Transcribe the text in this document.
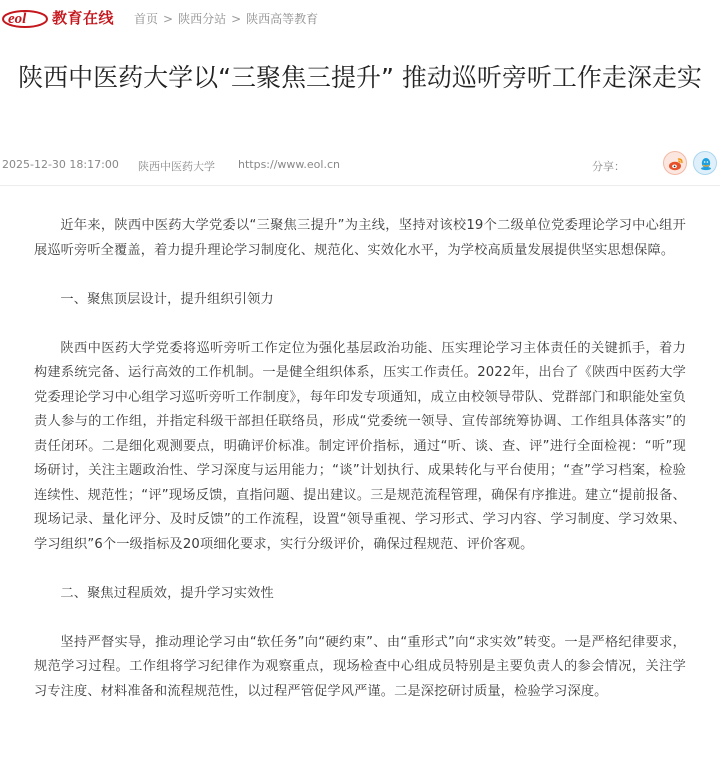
eol 教育在线 首页 > 陕西分站 > 陕西高等教育
陕西中医药大学以“三聚焦三提升” 推动巡听旁听工作走深走实
2025-12-30 18:17:00 陕西中医药大学 https://www.eol.cn	分享：

近年来，陕西中医药大学党委以“三聚焦三提升”为主线，坚持对该校19个二级单位党委理论学习中心组开展巡听旁听全覆盖，着力提升理论学习制度化、规范化、实效化水平，为学校高质量发展提供坚实思想保障。

一、聚焦顶层设计，提升组织引领力

陕西中医药大学党委将巡听旁听工作定位为强化基层政治功能、压实理论学习主体责任的关键抓手，着力构建系统完备、运行高效的工作机制。一是健全组织体系，压实工作责任。2022年，出台了《陕西中医药大学党委理论学习中心组学习巡听旁听工作制度》，每年印发专项通知，成立由校领导带队、党群部门和职能处室负责人参与的工作组，并指定科级干部担任联络员，形成“党委统一领导、宣传部统筹协调、工作组具体落实”的责任闭环。二是细化观测要点，明确评价标准。制定评价指标，通过“听、谈、查、评”进行全面检视：“听”现场研讨，关注主题政治性、学习深度与运用能力；“谈”计划执行、成果转化与平台使用；“查”学习档案，检验连续性、规范性；“评”现场反馈，直指问题、提出建议。三是规范流程管理，确保有序推进。建立“提前报备、现场记录、量化评分、及时反馈”的工作流程，设置“领导重视、学习形式、学习内容、学习制度、学习效果、学习组织”6个一级指标及20项细化要求，实行分级评价，确保过程规范、评价客观。

二、聚焦过程质效，提升学习实效性

坚持严督实导，推动理论学习由“软任务”向“硬约束”、由“重形式”向“求实效”转变。一是严格纪律要求，规范学习过程。工作组将学习纪律作为观察重点，现场检查中心组成员特别是主要负责人的参会情况，关注学习专注度、材料准备和流程规范性，以过程严管促学风严谨。二是深挖研讨质量，检验学习深度。
